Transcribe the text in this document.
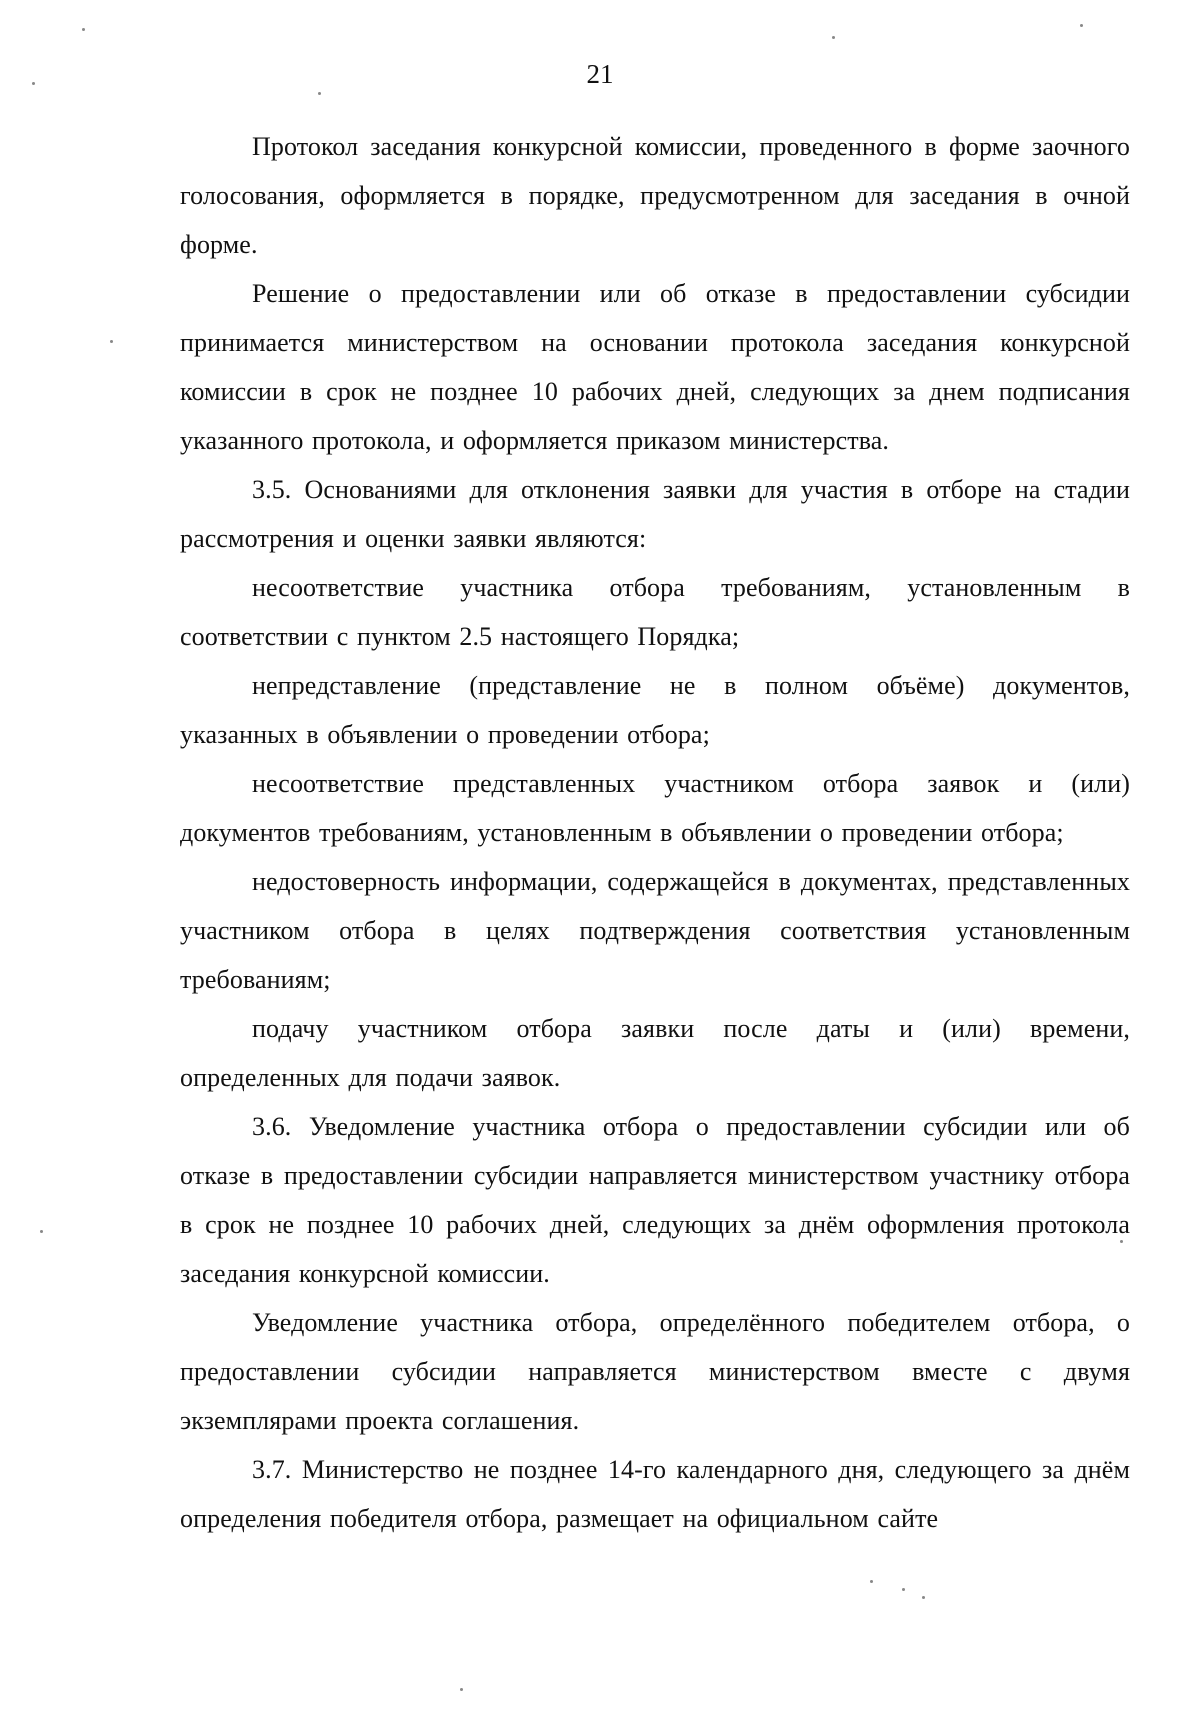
21

Протокол заседания конкурсной комиссии, проведенного в форме заочного голосования, оформляется в порядке, предусмотренном для заседания в очной форме.

Решение о предоставлении или об отказе в предоставлении субсидии принимается министерством на основании протокола заседания конкурсной комиссии в срок не позднее 10 рабочих дней, следующих за днем подписания указанного протокола, и оформляется приказом министерства.

3.5. Основаниями для отклонения заявки для участия в отборе на стадии рассмотрения и оценки заявки являются:

несоответствие участника отбора требованиям, установленным в соответствии с пунктом 2.5 настоящего Порядка;

непредставление (представление не в полном объёме) документов, указанных в объявлении о проведении отбора;

несоответствие представленных участником отбора заявок и (или) документов требованиям, установленным в объявлении о проведении отбора;

недостоверность информации, содержащейся в документах, представленных участником отбора в целях подтверждения соответствия установленным требованиям;

подачу участником отбора заявки после даты и (или) времени, определенных для подачи заявок.

3.6. Уведомление участника отбора о предоставлении субсидии или об отказе в предоставлении субсидии направляется министерством участнику отбора в срок не позднее 10 рабочих дней, следующих за днём оформления протокола заседания конкурсной комиссии.

Уведомление участника отбора, определённого победителем отбора, о предоставлении субсидии направляется министерством вместе с двумя экземплярами проекта соглашения.

3.7. Министерство не позднее 14-го календарного дня, следующего за днём определения победителя отбора, размещает на официальном сайте
